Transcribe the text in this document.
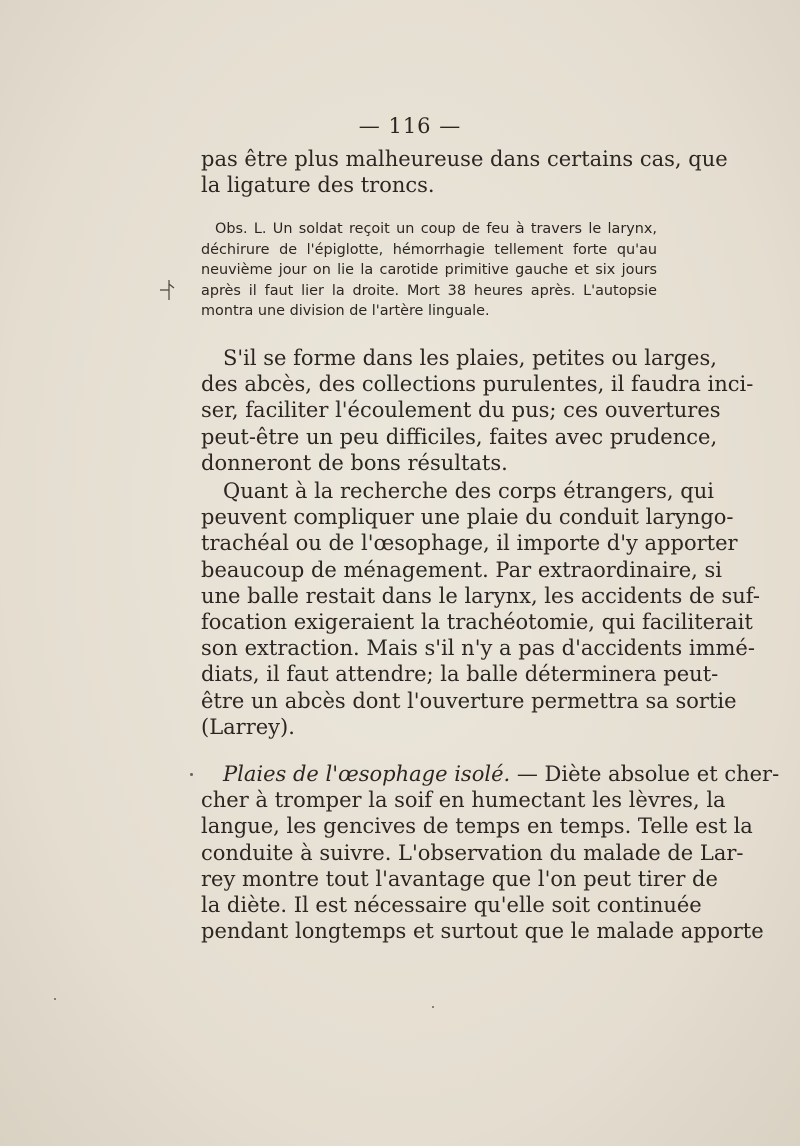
— 116 —
pas être plus malheureuse dans certains cas, que
la ligature des troncs.
Obs. L. Un soldat reçoit un coup de feu à travers le larynx,
déchirure de l'épiglotte, hémorrhagie tellement forte qu'au
neuvième jour on lie la carotide primitive gauche et six jours
après il faut lier la droite. Mort 38 heures après. L'autopsie
montra une division de l'artère linguale.
S'il se forme dans les plaies, petites ou larges,
des abcès, des collections purulentes, il faudra inci-
ser, faciliter l'écoulement du pus; ces ouvertures
peut-être un peu difficiles, faites avec prudence,
donneront de bons résultats.
Quant à la recherche des corps étrangers, qui
peuvent compliquer une plaie du conduit laryngo-
trachéal ou de l'œsophage, il importe d'y apporter
beaucoup de ménagement. Par extraordinaire, si
une balle restait dans le larynx, les accidents de suf-
focation exigeraient la trachéotomie, qui faciliterait
son extraction. Mais s'il n'y a pas d'accidents immé-
diats, il faut attendre; la balle déterminera peut-
être un abcès dont l'ouverture permettra sa sortie
(Larrey).
Plaies de l'œsophage isolé. — Diète absolue et cher-
cher à tromper la soif en humectant les lèvres, la
langue, les gencives de temps en temps. Telle est la
conduite à suivre. L'observation du malade de Lar-
rey montre tout l'avantage que l'on peut tirer de
la diète. Il est nécessaire qu'elle soit continuée
pendant longtemps et surtout que le malade apporte
